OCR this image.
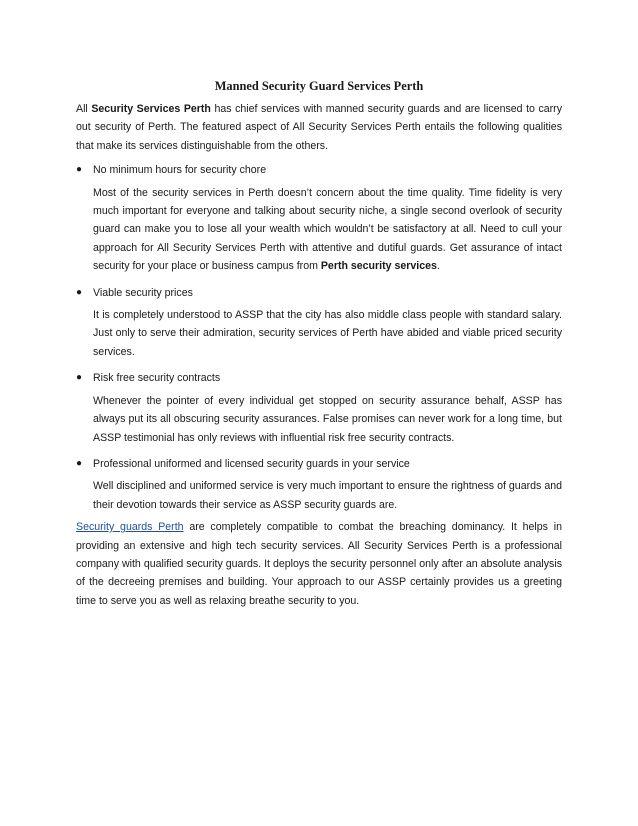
Manned Security Guard Services Perth

All Security Services Perth has chief services with manned security guards and are licensed to carry out security of Perth. The featured aspect of All Security Services Perth entails the following qualities that make its services distinguishable from the others.

● No minimum hours for security chore

Most of the security services in Perth doesn’t concern about the time quality. Time fidelity is very much important for everyone and talking about security niche, a single second overlook of security guard can make you to lose all your wealth which wouldn’t be satisfactory at all. Need to cull your approach for All Security Services Perth with attentive and dutiful guards. Get assurance of intact security for your place or business campus from Perth security services.

● Viable security prices

It is completely understood to ASSP that the city has also middle class people with standard salary. Just only to serve their admiration, security services of Perth have abided and viable priced security services.

● Risk free security contracts

Whenever the pointer of every individual get stopped on security assurance behalf, ASSP has always put its all obscuring security assurances. False promises can never work for a long time, but ASSP testimonial has only reviews with influential risk free security contracts.

● Professional uniformed and licensed security guards in your service

Well disciplined and uniformed service is very much important to ensure the rightness of guards and their devotion towards their service as ASSP security guards are.

Security guards Perth are completely compatible to combat the breaching dominancy. It helps in providing an extensive and high tech security services. All Security Services Perth is a professional company with qualified security guards. It deploys the security personnel only after an absolute analysis of the decreeing premises and building. Your approach to our ASSP certainly provides us a greeting time to serve you as well as relaxing breathe security to you.
